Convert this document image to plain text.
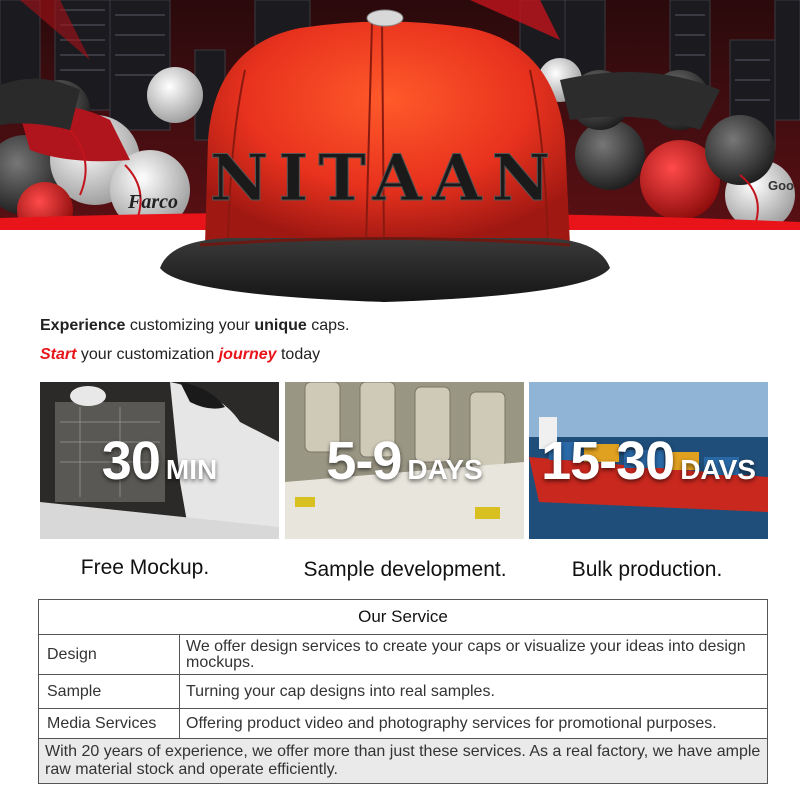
Farco
Goo
NITAAN
Experience customizing your unique caps.
Start your customization journey today
30 MIN
Free Mockup.
5-9 DAYS
Sample development.
15-30 DAVS
Bulk production.
Our Service	
Design	We offer design services to create your caps or visualize your ideas into design mockups.
Sample	Turning your cap designs into real samples.
Media Services	Offering product video and photography services for promotional purposes.
With 20 years of experience, we offer more than just these services. As a real factory, we have ample raw material stock and operate efficiently.	
